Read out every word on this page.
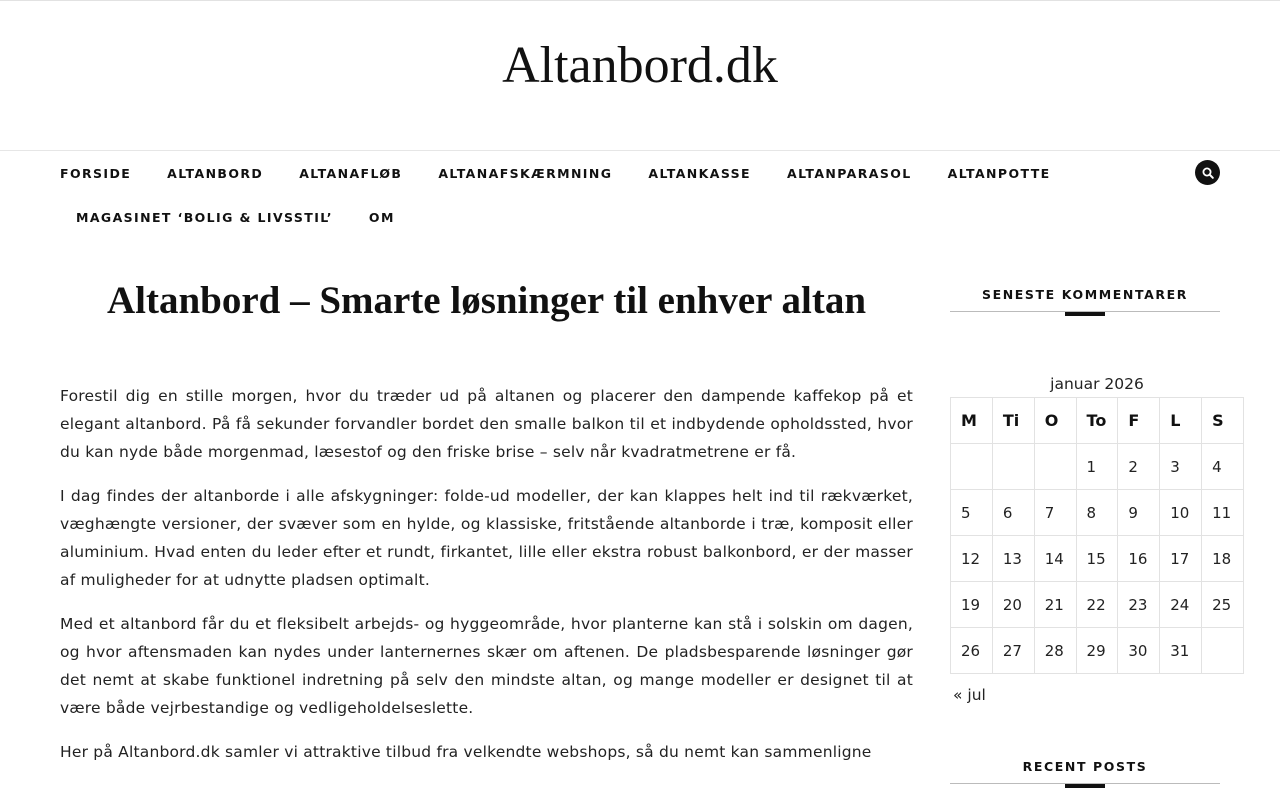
Altanbord.dk
FORSIDE	ALTANBORD	ALTANAFLØB	ALTANAFSKÆRMNING	ALTANKASSE	ALTANPARASOL	ALTANPOTTE
MAGASINET ‘BOLIG & LIVSSTIL’	OM
Altanbord – Smarte løsninger til enhver altan

Forestil dig en stille morgen, hvor du træder ud på altanen og placerer den dampende kaffekop på et elegant altanbord. På få sekunder forvandler bordet den smalle balkon til et indbydende opholdssted, hvor du kan nyde både morgenmad, læsestof og den friske brise – selv når kvadratmetrene er få.

I dag findes der altanborde i alle afskygninger: folde-ud modeller, der kan klappes helt ind til rækværket, væghængte versioner, der svæver som en hylde, og klassiske, fritstående altanborde i træ, komposit eller aluminium. Hvad enten du leder efter et rundt, firkantet, lille eller ekstra robust balkonbord, er der masser af muligheder for at udnytte pladsen optimalt.

Med et altanbord får du et fleksibelt arbejds- og hyggeområde, hvor planterne kan stå i solskin om dagen, og hvor aftensmaden kan nydes under lanternernes skær om aftenen. De pladsbesparende løsninger gør det nemt at skabe funktionel indretning på selv den mindste altan, og mange modeller er designet til at være både vejrbestandige og vedligeholdelseslette.

Her på Altanbord.dk samler vi attraktive tilbud fra velkendte webshops, så du nemt kan sammenligne

SENESTE KOMMENTARER
januar 2026
M	Ti	O	To	F	L	S
			1	2	3	4
5	6	7	8	9	10	11
12	13	14	15	16	17	18
19	20	21	22	23	24	25
26	27	28	29	30	31	
« jul
RECENT POSTS
